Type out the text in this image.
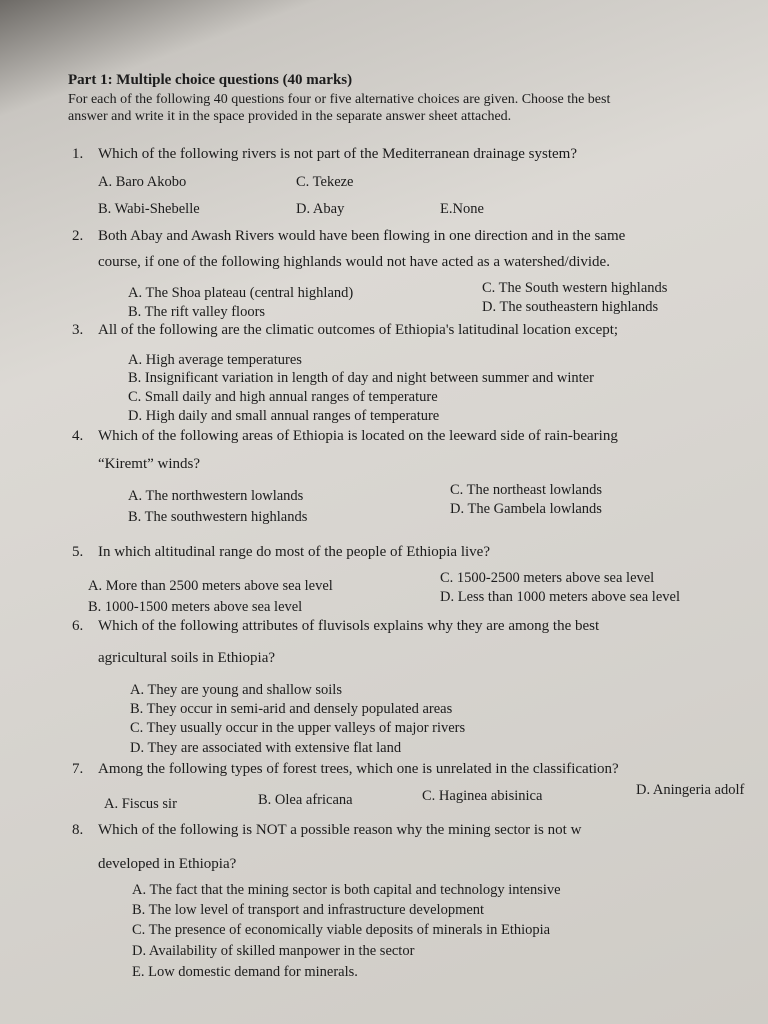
Part 1: Multiple choice questions (40 marks)

For each of the following 40 questions four or five alternative choices are given. Choose the best

answer and write it in the space provided in the separate answer sheet attached.

1. Which of the following rivers is not part of the Mediterranean drainage system?
A. Baro Akobo	C. Tekeze
B. Wabi-Shebelle	D. Abay	E.None
2. Both Abay and Awash Rivers would have been flowing in one direction and in the same
course, if one of the following highlands would not have acted as a watershed/divide.
A. The Shoa plateau (central highland)	C. The South western highlands
B. The rift valley floors	D. The southeastern highlands
3. All of the following are the climatic outcomes of Ethiopia's latitudinal location except;
A. High average temperatures
B. Insignificant variation in length of day and night between summer and winter
C. Small daily and high annual ranges of temperature
D. High daily and small annual ranges of temperature
4. Which of the following areas of Ethiopia is located on the leeward side of rain-bearing
“Kiremt” winds?
A. The northwestern lowlands	C. The northeast lowlands
B. The southwestern highlands	D. The Gambela lowlands
5. In which altitudinal range do most of the people of Ethiopia live?
A. More than 2500 meters above sea level	C. 1500-2500 meters above sea level
B. 1000-1500 meters above sea level
D. Less than 1000 meters above sea level
6. Which of the following attributes of fluvisols explains why they are among the best
agricultural soils in Ethiopia?
A. They are young and shallow soils
B. They occur in semi-arid and densely populated areas
C. They usually occur in the upper valleys of major rivers
D. They are associated with extensive flat land
7. Among the following types of forest trees, which one is unrelated in the classification?
A. Fiscus sir	B. Olea africana	C. Haginea abisinica	D. Aningeria adolf
8. Which of the following is NOT a possible reason why the mining sector is not w
developed in Ethiopia?
A. The fact that the mining sector is both capital and technology intensive
B. The low level of transport and infrastructure development
C. The presence of economically viable deposits of minerals in Ethiopia
D. Availability of skilled manpower in the sector
E. Low domestic demand for minerals.
